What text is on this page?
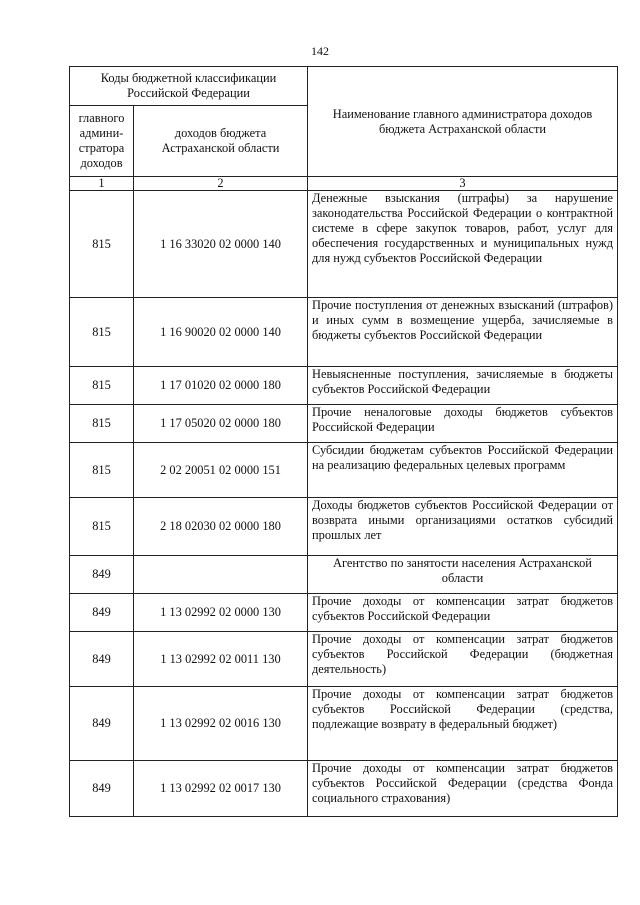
142
Коды бюджетной классификации Российской Федерации		Наименование главного администратора доходов бюджета Астраханской области
главного админи-стратора доходов	доходов бюджета Астраханской области	
1	2	3
815	1 16 33020 02 0000 140	Денежные взыскания (штрафы) за нарушение законодательства Российской Федерации о контрактной системе в сфере закупок товаров, работ, услуг для обеспечения государственных и муниципальных нужд для нужд субъектов Российской Федерации
815	1 16 90020 02 0000 140	Прочие поступления от денежных взысканий (штрафов) и иных сумм в возмещение ущерба, зачисляемые в бюджеты субъектов Российской Федерации
815	1 17 01020 02 0000 180	Невыясненные поступления, зачисляемые в бюджеты субъектов Российской Федерации
815	1 17 05020 02 0000 180	Прочие неналоговые доходы бюджетов субъектов Российской Федерации
815	2 02 20051 02 0000 151	Субсидии бюджетам субъектов Российской Федерации на реализацию федеральных целевых программ
815	2 18 02030 02 0000 180	Доходы бюджетов субъектов Российской Федерации от возврата иными организациями остатков субсидий прошлых лет
849		Агентство по занятости населения Астраханской области
849	1 13 02992 02 0000 130	Прочие доходы от компенсации затрат бюджетов субъектов Российской Федерации
849	1 13 02992 02 0011 130	Прочие доходы от компенсации затрат бюджетов субъектов Российской Федерации (бюджетная деятельность)
849	1 13 02992 02 0016 130	Прочие доходы от компенсации затрат бюджетов субъектов Российской Федерации (средства, подлежащие возврату в федеральный бюджет)
849	1 13 02992 02 0017 130	Прочие доходы от компенсации затрат бюджетов субъектов Российской Федерации (средства Фонда социального страхования)
